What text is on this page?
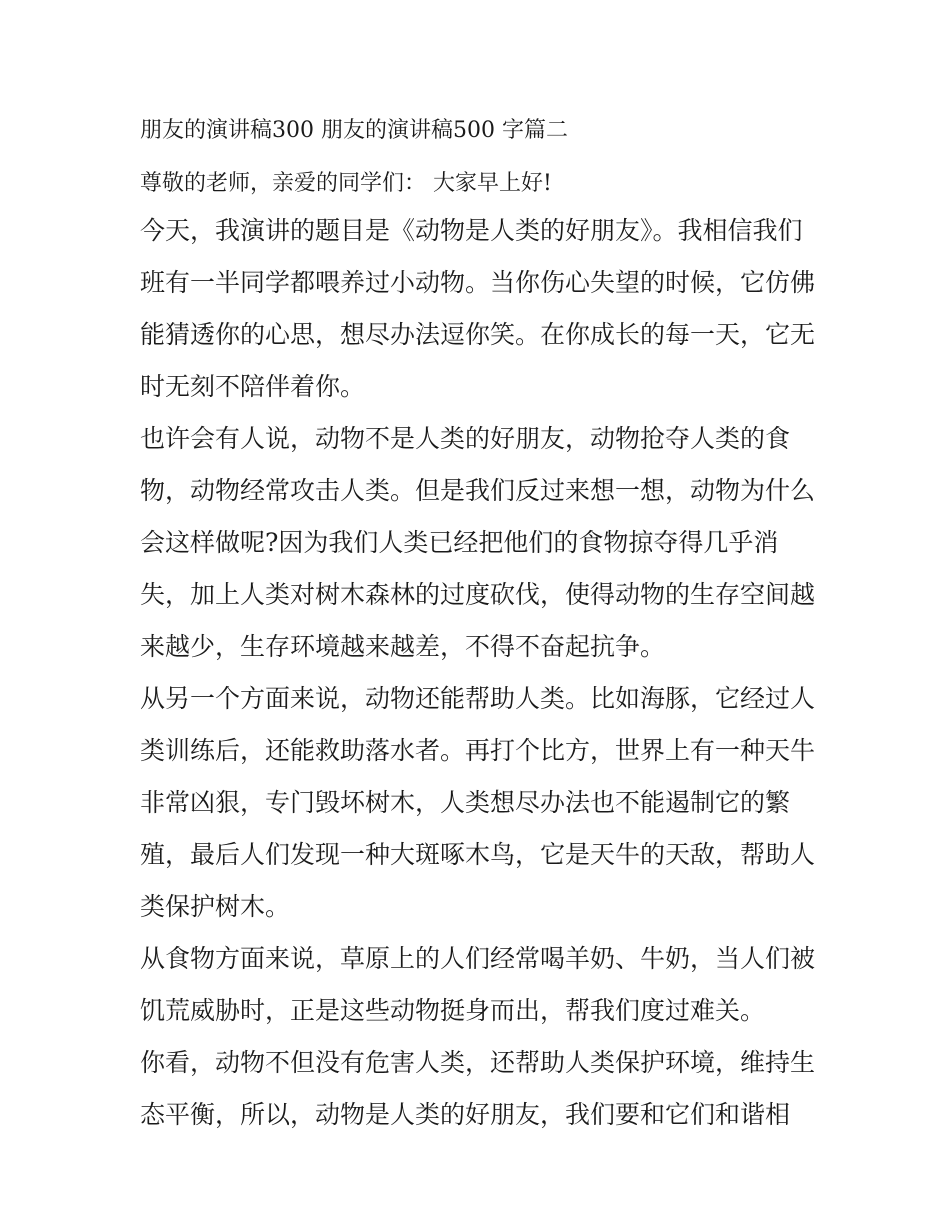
朋友的演讲稿300 朋友的演讲稿500 字篇二

尊敬的老师，亲爱的同学们： 大家早上好!

今天，我演讲的题目是《动物是人类的好朋友》。我相信我们

班有一半同学都喂养过小动物。当你伤心失望的时候，它仿佛

能猜透你的心思，想尽办法逗你笑。在你成长的每一天，它无

时无刻不陪伴着你。

也许会有人说，动物不是人类的好朋友，动物抢夺人类的食

物，动物经常攻击人类。但是我们反过来想一想，动物为什么

会这样做呢?因为我们人类已经把他们的食物掠夺得几乎消

失，加上人类对树木森林的过度砍伐，使得动物的生存空间越

来越少，生存环境越来越差，不得不奋起抗争。

从另一个方面来说，动物还能帮助人类。比如海豚，它经过人

类训练后，还能救助落水者。再打个比方，世界上有一种天牛

非常凶狠，专门毁坏树木，人类想尽办法也不能遏制它的繁

殖，最后人们发现一种大斑啄木鸟，它是天牛的天敌，帮助人

类保护树木。

从食物方面来说，草原上的人们经常喝羊奶、牛奶，当人们被

饥荒威胁时，正是这些动物挺身而出，帮我们度过难关。

你看，动物不但没有危害人类，还帮助人类保护环境，维持生

态平衡，所以，动物是人类的好朋友，我们要和它们和谐相
